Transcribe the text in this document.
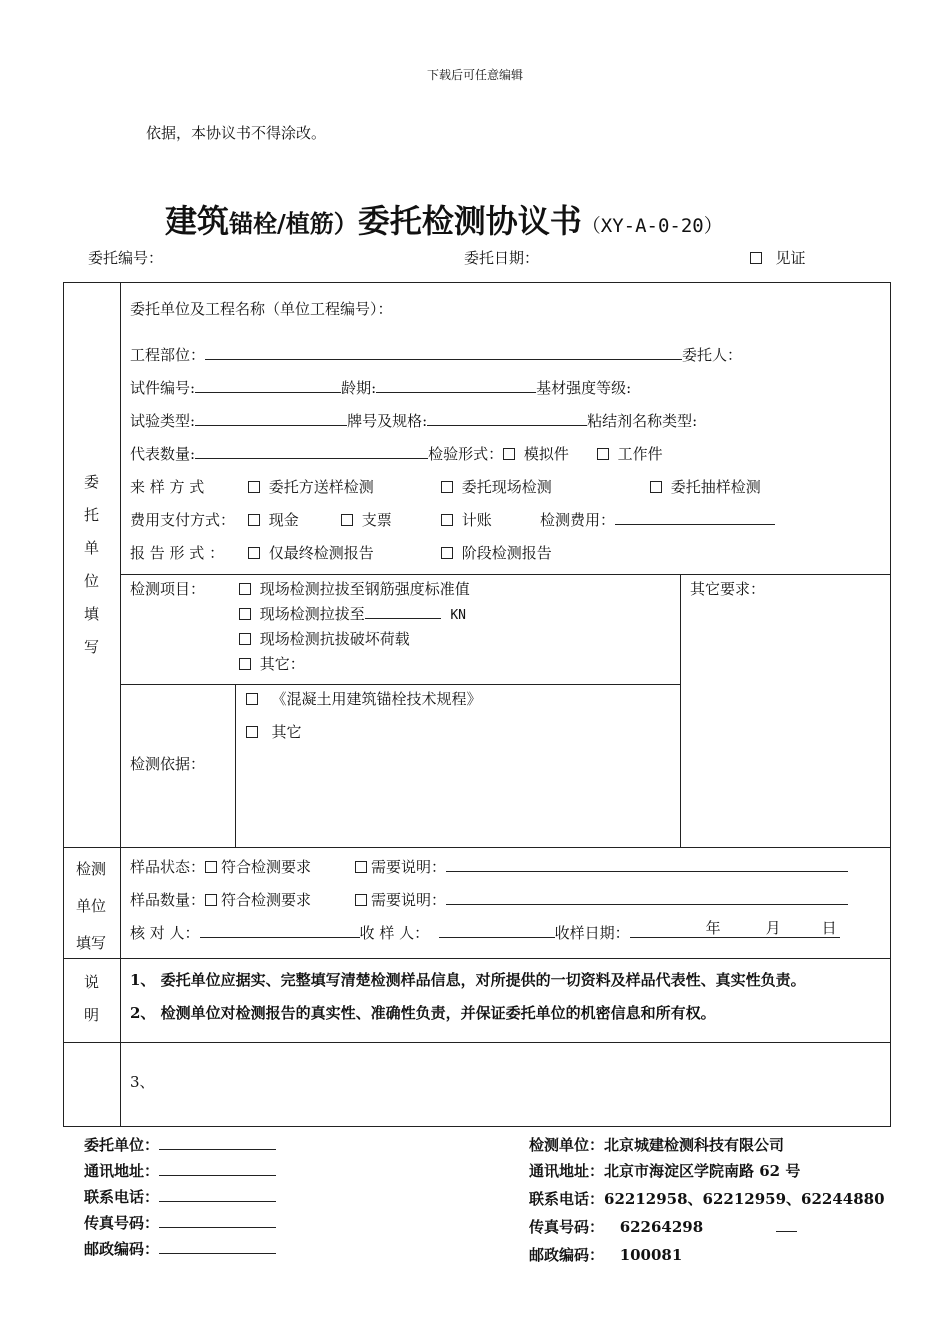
下载后可任意编辑
依据，本协议书不得涂改。
建筑锚栓/植筋）委托检测协议书（XY-A-0-20）
委托编号：	委托日期：	见证
委
托
单
位
填
写
委托单位及工程名称（单位工程编号）：
工程部位：	委托人：
试件编号:	龄期:	基材强度等级:
试验类型:	牌号及规格:	粘结剂名称类型:
代表数量:	检验形式： 模拟件	工作件
来 样 方 式	委托方送样检测	委托现场检测	委托抽样检测
费用支付方式：	现金	支票	计账	检测费用：
报 告 形 式 ：	仅最终检测报告	阶段检测报告
检测项目：	现场检测拉拔至钢筋强度标准值
现场检测拉拔至	KN
现场检测抗拔破坏荷载
其它：
其它要求：
检测依据：
《混凝土用建筑锚栓技术规程》
其它
检测
单位
填写
样品状态： 符合检测要求	需要说明：
样品数量： 符合检测要求	需要说明：
核 对 人：	收 样 人：	收样日期：	年	月	日
说
明
1、 委托单位应据实、完整填写清楚检测样品信息，对所提供的一切资料及样品代表性、真实性负责。
2、 检测单位对检测报告的真实性、准确性负责，并保证委托单位的机密信息和所有权。
3、
委托单位：
通讯地址：
联系电话：
传真号码：
邮政编码：
检测单位：北京城建检测科技有限公司
通讯地址：北京市海淀区学院南路 62 号
联系电话：62212958、62212959、62244880
传真号码： 62264298
邮政编码： 100081
